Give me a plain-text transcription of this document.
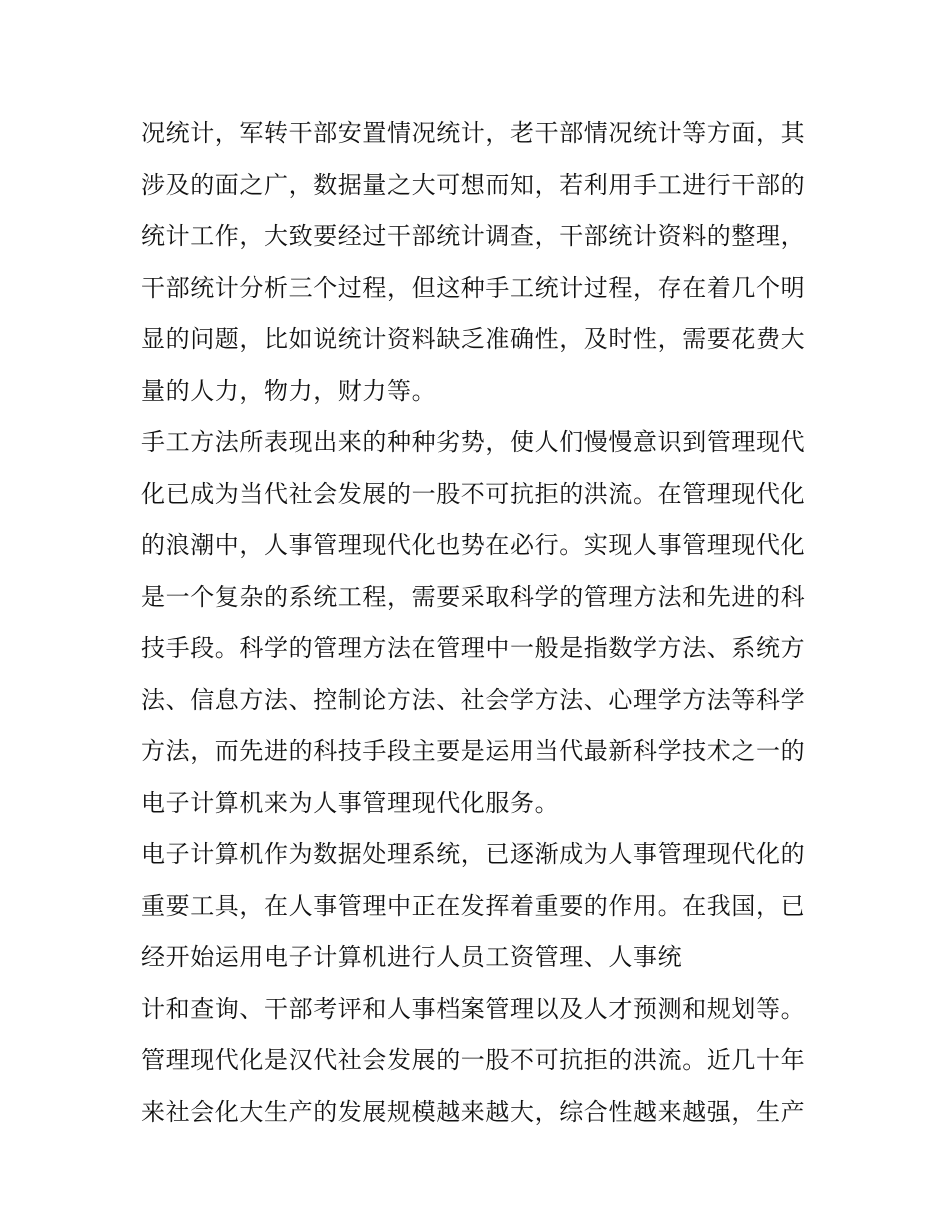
况统计，军转干部安置情况统计，老干部情况统计等方面，其
涉及的面之广，数据量之大可想而知，若利用手工进行干部的
统计工作，大致要经过干部统计调查，干部统计资料的整理，
干部统计分析三个过程，但这种手工统计过程，存在着几个明
显的问题，比如说统计资料缺乏准确性，及时性，需要花费大
量的人力，物力，财力等。
手工方法所表现出来的种种劣势，使人们慢慢意识到管理现代
化已成为当代社会发展的一股不可抗拒的洪流。在管理现代化
的浪潮中，人事管理现代化也势在必行。实现人事管理现代化
是一个复杂的系统工程，需要采取科学的管理方法和先进的科
技手段。科学的管理方法在管理中一般是指数学方法、系统方
法、信息方法、控制论方法、社会学方法、心理学方法等科学
方法，而先进的科技手段主要是运用当代最新科学技术之一的
电子计算机来为人事管理现代化服务。
电子计算机作为数据处理系统，已逐渐成为人事管理现代化的
重要工具，在人事管理中正在发挥着重要的作用。在我国，已
经开始运用电子计算机进行人员工资管理、人事统
计和查询、干部考评和人事档案管理以及人才预测和规划等。
管理现代化是汉代社会发展的一股不可抗拒的洪流。近几十年
来社会化大生产的发展规模越来越大，综合性越来越强，生产
